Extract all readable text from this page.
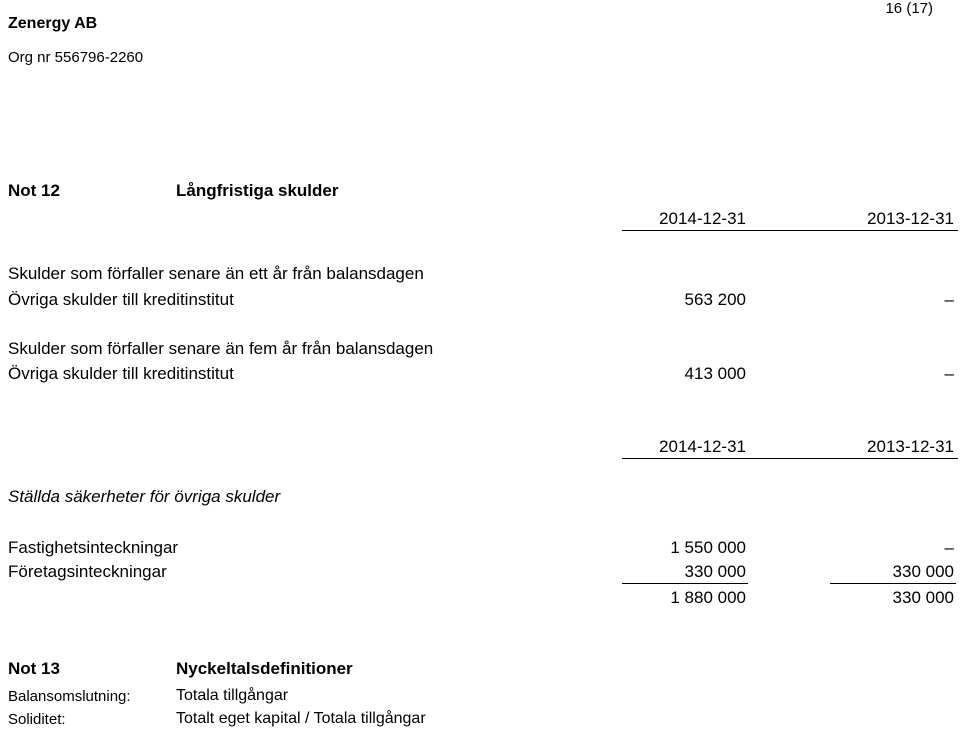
Zenergy AB
Org nr 556796-2260
16 (17)
Not 12	Långfristiga skulder
2014-12-31	2013-12-31
Skulder som förfaller senare än ett år från balansdagen
Övriga skulder till kreditinstitut	563 200	–
Skulder som förfaller senare än fem år från balansdagen
Övriga skulder till kreditinstitut	413 000	–
2014-12-31	2013-12-31
Ställda säkerheter för övriga skulder
Fastighetsinteckningar	1 550 000	–
Företagsinteckningar	330 000	330 000
1 880 000	330 000
Not 13	Nyckeltalsdefinitioner
Balansomslutning:	Totala tillgångar
Soliditet:	Totalt eget kapital / Totala tillgångar
